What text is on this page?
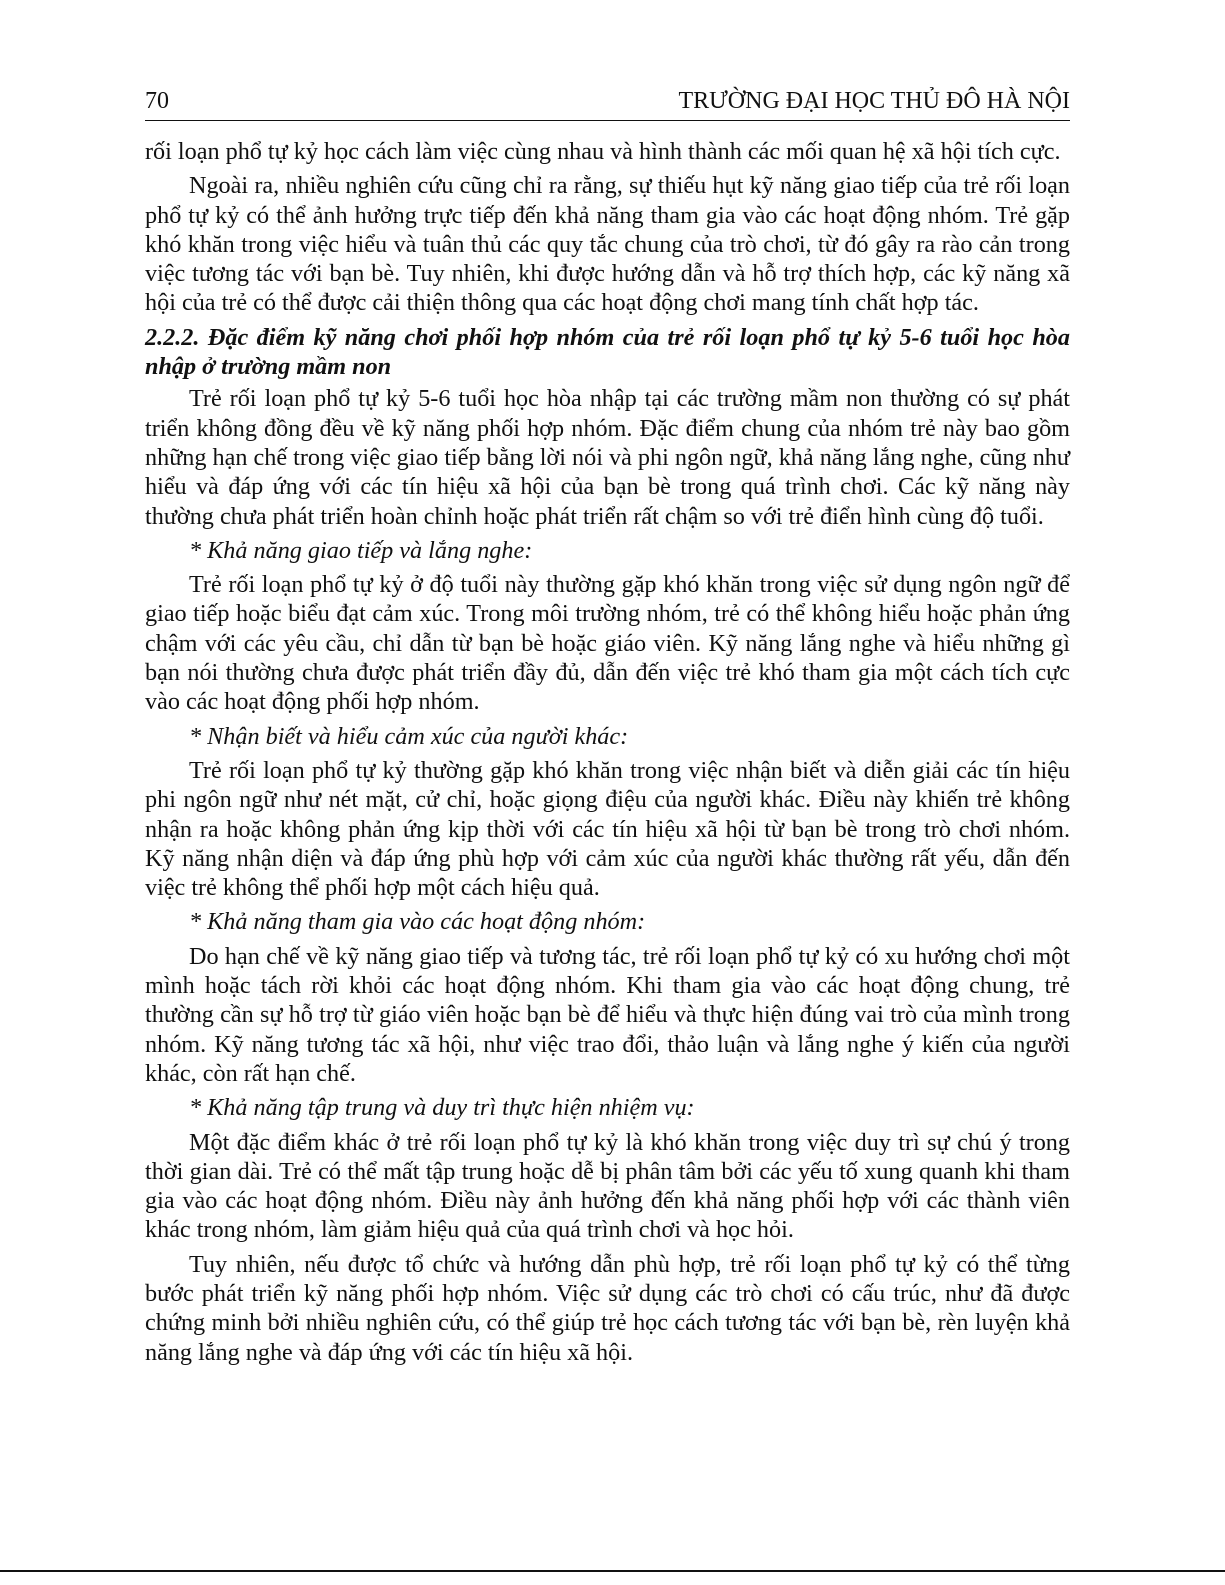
70	TRƯỜNG ĐẠI HỌC THỦ ĐÔ HÀ NỘI

rối loạn phổ tự kỷ học cách làm việc cùng nhau và hình thành các mối quan hệ xã hội tích cực.

Ngoài ra, nhiều nghiên cứu cũng chỉ ra rằng, sự thiếu hụt kỹ năng giao tiếp của trẻ rối loạn phổ tự kỷ có thể ảnh hưởng trực tiếp đến khả năng tham gia vào các hoạt động nhóm. Trẻ gặp khó khăn trong việc hiểu và tuân thủ các quy tắc chung của trò chơi, từ đó gây ra rào cản trong việc tương tác với bạn bè. Tuy nhiên, khi được hướng dẫn và hỗ trợ thích hợp, các kỹ năng xã hội của trẻ có thể được cải thiện thông qua các hoạt động chơi mang tính chất hợp tác.

2.2.2. Đặc điểm kỹ năng chơi phối hợp nhóm của trẻ rối loạn phổ tự kỷ 5-6 tuổi học hòa nhập ở trường mầm non

Trẻ rối loạn phổ tự kỷ 5-6 tuổi học hòa nhập tại các trường mầm non thường có sự phát triển không đồng đều về kỹ năng phối hợp nhóm. Đặc điểm chung của nhóm trẻ này bao gồm những hạn chế trong việc giao tiếp bằng lời nói và phi ngôn ngữ, khả năng lắng nghe, cũng như hiểu và đáp ứng với các tín hiệu xã hội của bạn bè trong quá trình chơi. Các kỹ năng này thường chưa phát triển hoàn chỉnh hoặc phát triển rất chậm so với trẻ điển hình cùng độ tuổi.

* Khả năng giao tiếp và lắng nghe:

Trẻ rối loạn phổ tự kỷ ở độ tuổi này thường gặp khó khăn trong việc sử dụng ngôn ngữ để giao tiếp hoặc biểu đạt cảm xúc. Trong môi trường nhóm, trẻ có thể không hiểu hoặc phản ứng chậm với các yêu cầu, chỉ dẫn từ bạn bè hoặc giáo viên. Kỹ năng lắng nghe và hiểu những gì bạn nói thường chưa được phát triển đầy đủ, dẫn đến việc trẻ khó tham gia một cách tích cực vào các hoạt động phối hợp nhóm.

* Nhận biết và hiểu cảm xúc của người khác:

Trẻ rối loạn phổ tự kỷ thường gặp khó khăn trong việc nhận biết và diễn giải các tín hiệu phi ngôn ngữ như nét mặt, cử chỉ, hoặc giọng điệu của người khác. Điều này khiến trẻ không nhận ra hoặc không phản ứng kịp thời với các tín hiệu xã hội từ bạn bè trong trò chơi nhóm. Kỹ năng nhận diện và đáp ứng phù hợp với cảm xúc của người khác thường rất yếu, dẫn đến việc trẻ không thể phối hợp một cách hiệu quả.

* Khả năng tham gia vào các hoạt động nhóm:

Do hạn chế về kỹ năng giao tiếp và tương tác, trẻ rối loạn phổ tự kỷ có xu hướng chơi một mình hoặc tách rời khỏi các hoạt động nhóm. Khi tham gia vào các hoạt động chung, trẻ thường cần sự hỗ trợ từ giáo viên hoặc bạn bè để hiểu và thực hiện đúng vai trò của mình trong nhóm. Kỹ năng tương tác xã hội, như việc trao đổi, thảo luận và lắng nghe ý kiến của người khác, còn rất hạn chế.

* Khả năng tập trung và duy trì thực hiện nhiệm vụ:

Một đặc điểm khác ở trẻ rối loạn phổ tự kỷ là khó khăn trong việc duy trì sự chú ý trong thời gian dài. Trẻ có thể mất tập trung hoặc dễ bị phân tâm bởi các yếu tố xung quanh khi tham gia vào các hoạt động nhóm. Điều này ảnh hưởng đến khả năng phối hợp với các thành viên khác trong nhóm, làm giảm hiệu quả của quá trình chơi và học hỏi.

Tuy nhiên, nếu được tổ chức và hướng dẫn phù hợp, trẻ rối loạn phổ tự kỷ có thể từng bước phát triển kỹ năng phối hợp nhóm. Việc sử dụng các trò chơi có cấu trúc, như đã được chứng minh bởi nhiều nghiên cứu, có thể giúp trẻ học cách tương tác với bạn bè, rèn luyện khả năng lắng nghe và đáp ứng với các tín hiệu xã hội.
